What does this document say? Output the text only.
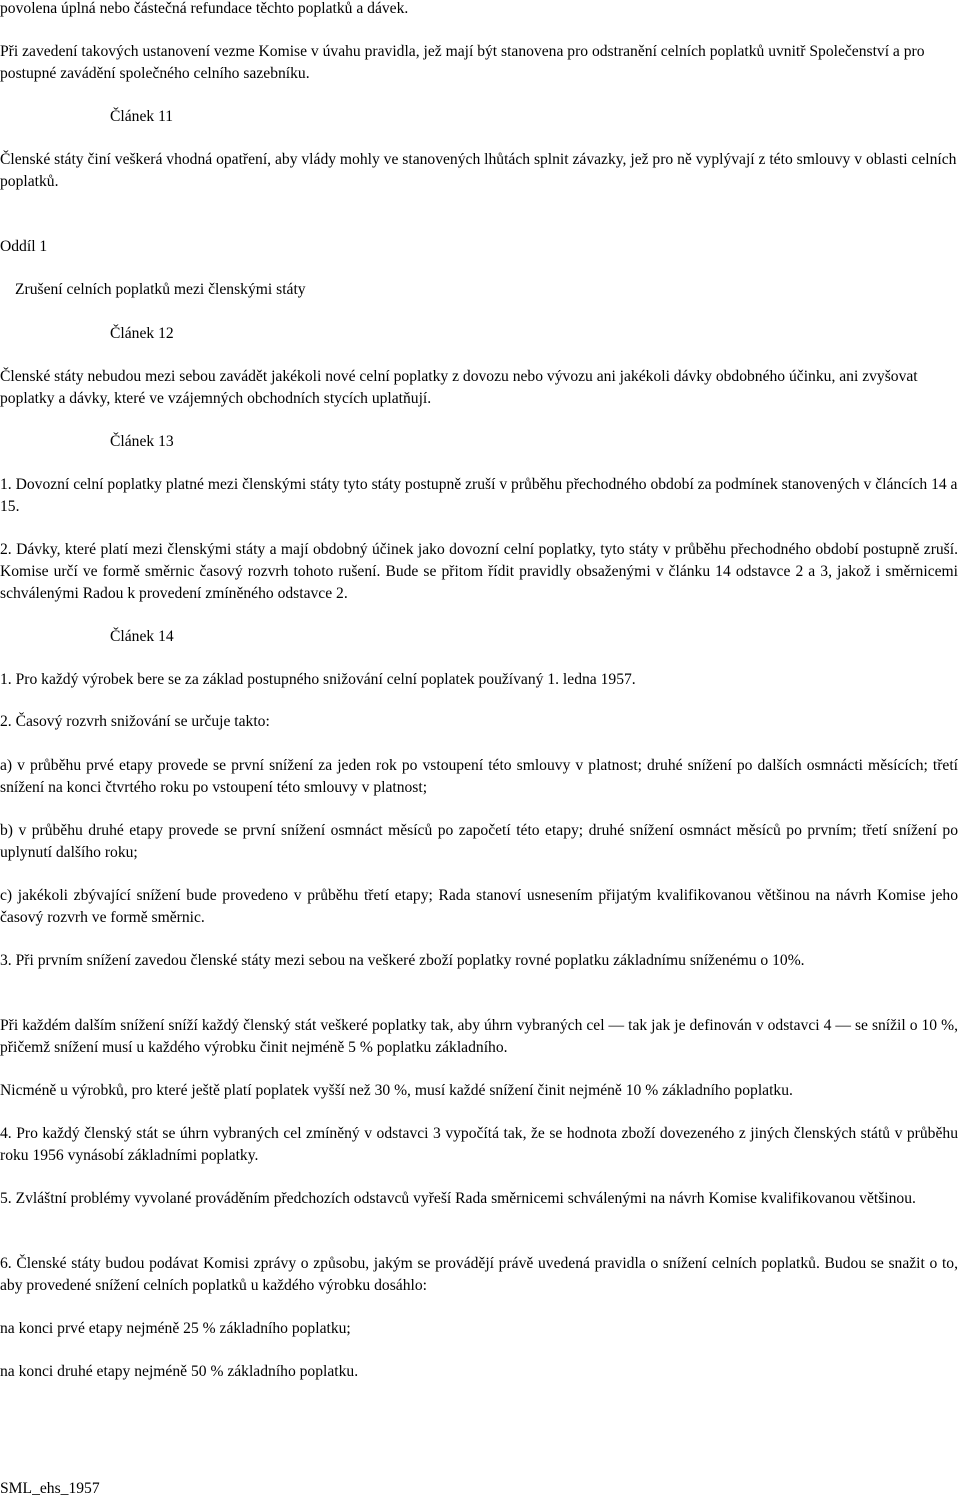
povolena úplná nebo částečná refundace těchto poplatků a dávek.

Při zavedení takových ustanovení vezme Komise v úvahu pravidla, jež mají být stanovena pro odstranění celních poplatků uvnitř Společenství a pro postupné zavádění společného celního sazebníku.

Článek 11

Členské státy činí veškerá vhodná opatření, aby vlády mohly ve stanovených lhůtách splnit závazky, jež pro ně vyplývají z této smlouvy v oblasti celních poplatků.

Oddíl 1

Zrušení celních poplatků mezi členskými státy

Článek 12

Členské státy nebudou mezi sebou zavádět jakékoli nové celní poplatky z dovozu nebo vývozu ani jakékoli dávky obdobného účinku, ani zvyšovat poplatky a dávky, které ve vzájemných obchodních stycích uplatňují.

Článek 13

1. Dovozní celní poplatky platné mezi členskými státy tyto státy postupně zruší v průběhu přechodného období za podmínek stanovených v článcích 14 a 15.

2. Dávky, které platí mezi členskými státy a mají obdobný účinek jako dovozní celní poplatky, tyto státy v průběhu přechodného období postupně zruší. Komise určí ve formě směrnic časový rozvrh tohoto rušení. Bude se přitom řídit pravidly obsaženými v článku 14 odstavce 2 a 3, jakož i směrnicemi schválenými Radou k provedení zmíněného odstavce 2.

Článek 14

1. Pro každý výrobek bere se za základ postupného snižování celní poplatek používaný 1. ledna 1957.

2. Časový rozvrh snižování se určuje takto:

a) v průběhu prvé etapy provede se první snížení za jeden rok po vstoupení této smlouvy v platnost; druhé snížení po dalších osmnácti měsících; třetí snížení na konci čtvrtého roku po vstoupení této smlouvy v platnost;

b) v průběhu druhé etapy provede se první snížení osmnáct měsíců po započetí této etapy; druhé snížení osmnáct měsíců po prvním; třetí snížení po uplynutí dalšího roku;

c) jakékoli zbývající snížení bude provedeno v průběhu třetí etapy; Rada stanoví usnesením přijatým kvalifikovanou většinou na návrh Komise jeho časový rozvrh ve formě směrnic.

3. Při prvním snížení zavedou členské státy mezi sebou na veškeré zboží poplatky rovné poplatku základnímu sníženému o 10%.

Při každém dalším snížení sníží každý členský stát veškeré poplatky tak, aby úhrn vybraných cel — tak jak je definován v odstavci 4 — se snížil o 10 %, přičemž snížení musí u každého výrobku činit nejméně 5 % poplatku základního.

Nicméně u výrobků, pro které ještě platí poplatek vyšší než 30 %, musí každé snížení činit nejméně 10 % základního poplatku.

4. Pro každý členský stát se úhrn vybraných cel zmíněný v odstavci 3 vypočítá tak, že se hodnota zboží dovezeného z jiných členských států v průběhu roku 1956 vynásobí základními poplatky.

5. Zvláštní problémy vyvolané prováděním předchozích odstavců vyřeší Rada směrnicemi schválenými na návrh Komise kvalifikovanou většinou.

6. Členské státy budou podávat Komisi zprávy o způsobu, jakým se provádějí právě uvedená pravidla o snížení celních poplatků. Budou se snažit o to, aby provedené snížení celních poplatků u každého výrobku dosáhlo:

na konci prvé etapy nejméně 25 % základního poplatku;

na konci druhé etapy nejméně 50 % základního poplatku.

SML_ehs_1957
